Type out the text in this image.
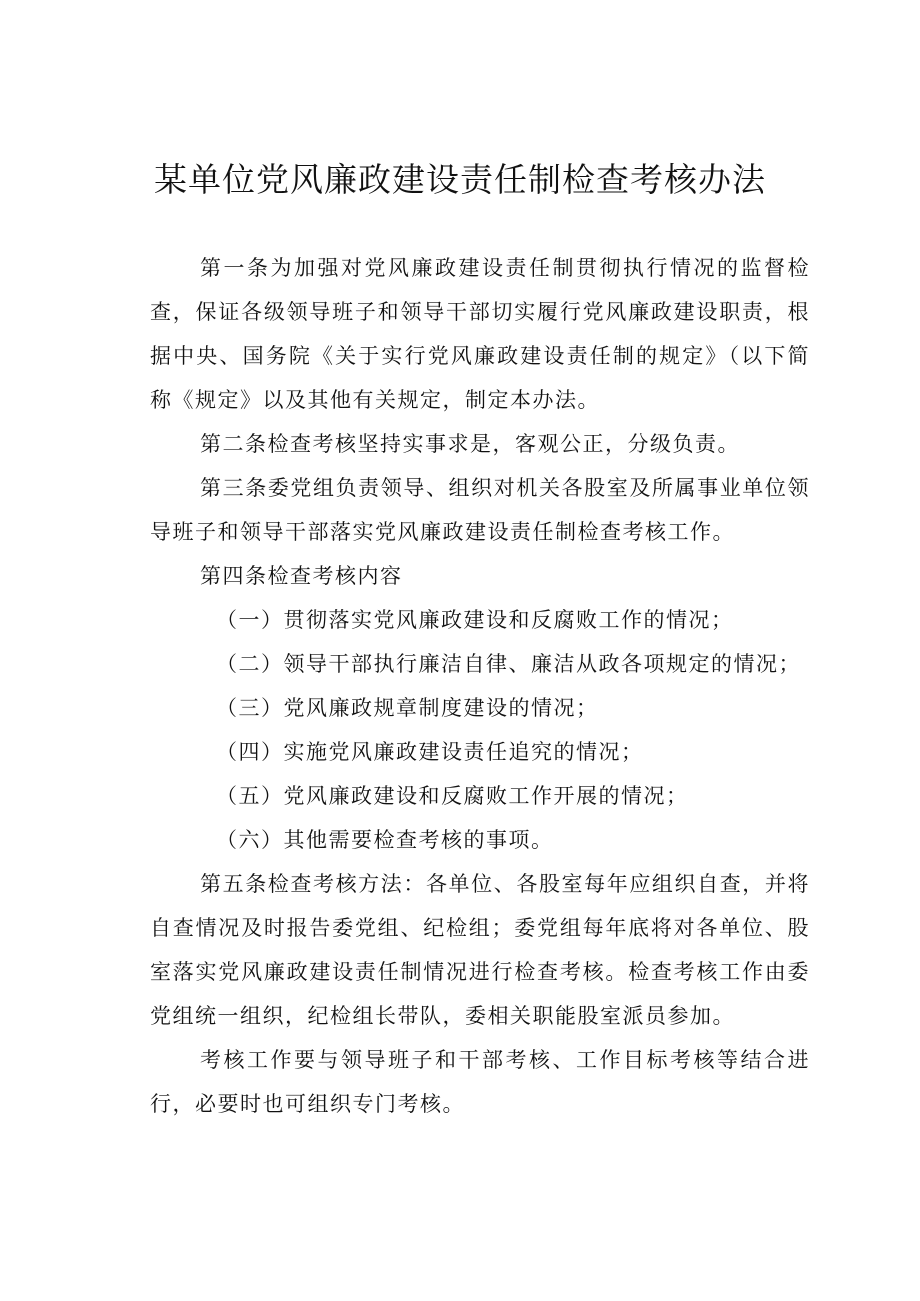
某单位党风廉政建设责任制检查考核办法

第一条为加强对党风廉政建设责任制贯彻执行情况的监督检查，保证各级领导班子和领导干部切实履行党风廉政建设职责，根据中央、国务院《关于实行党风廉政建设责任制的规定》（以下简称《规定》以及其他有关规定，制定本办法。

第二条检查考核坚持实事求是，客观公正，分级负责。

第三条委党组负责领导、组织对机关各股室及所属事业单位领导班子和领导干部落实党风廉政建设责任制检查考核工作。

第四条检查考核内容

（一）贯彻落实党风廉政建设和反腐败工作的情况；

（二）领导干部执行廉洁自律、廉洁从政各项规定的情况；

（三）党风廉政规章制度建设的情况；

（四）实施党风廉政建设责任追究的情况；

（五）党风廉政建设和反腐败工作开展的情况；

（六）其他需要检查考核的事项。

第五条检查考核方法：各单位、各股室每年应组织自查，并将自查情况及时报告委党组、纪检组；委党组每年底将对各单位、股室落实党风廉政建设责任制情况进行检查考核。检查考核工作由委党组统一组织，纪检组长带队，委相关职能股室派员参加。

考核工作要与领导班子和干部考核、工作目标考核等结合进行，必要时也可组织专门考核。
